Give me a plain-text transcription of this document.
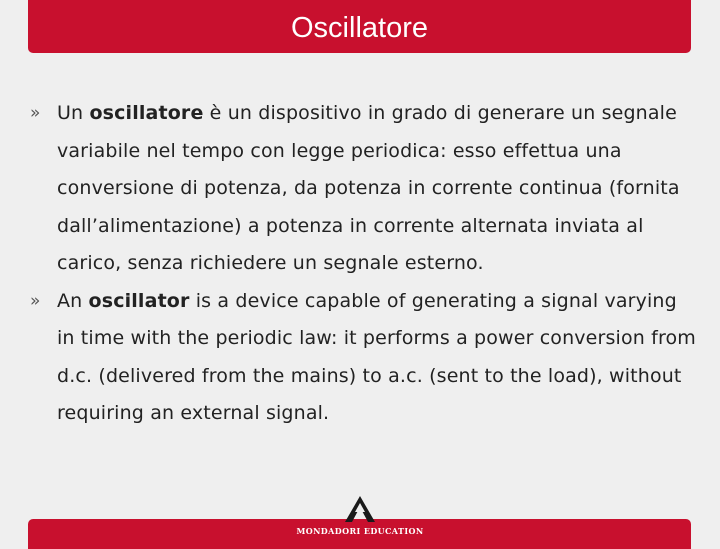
Oscillatore
» Un oscillatore è un dispositivo in grado di generare un segnale variabile nel tempo con legge periodica: esso effettua una conversione di potenza, da potenza in corrente continua (fornita dall’alimentazione) a potenza in corrente alternata inviata al carico, senza richiedere un segnale esterno.

» An oscillator is a device capable of generating a signal varying in time with the periodic law: it performs a power conversion from d.c. (delivered from the mains) to a.c. (sent to the load), without requiring an external signal.

MONDADORI EDUCATION
